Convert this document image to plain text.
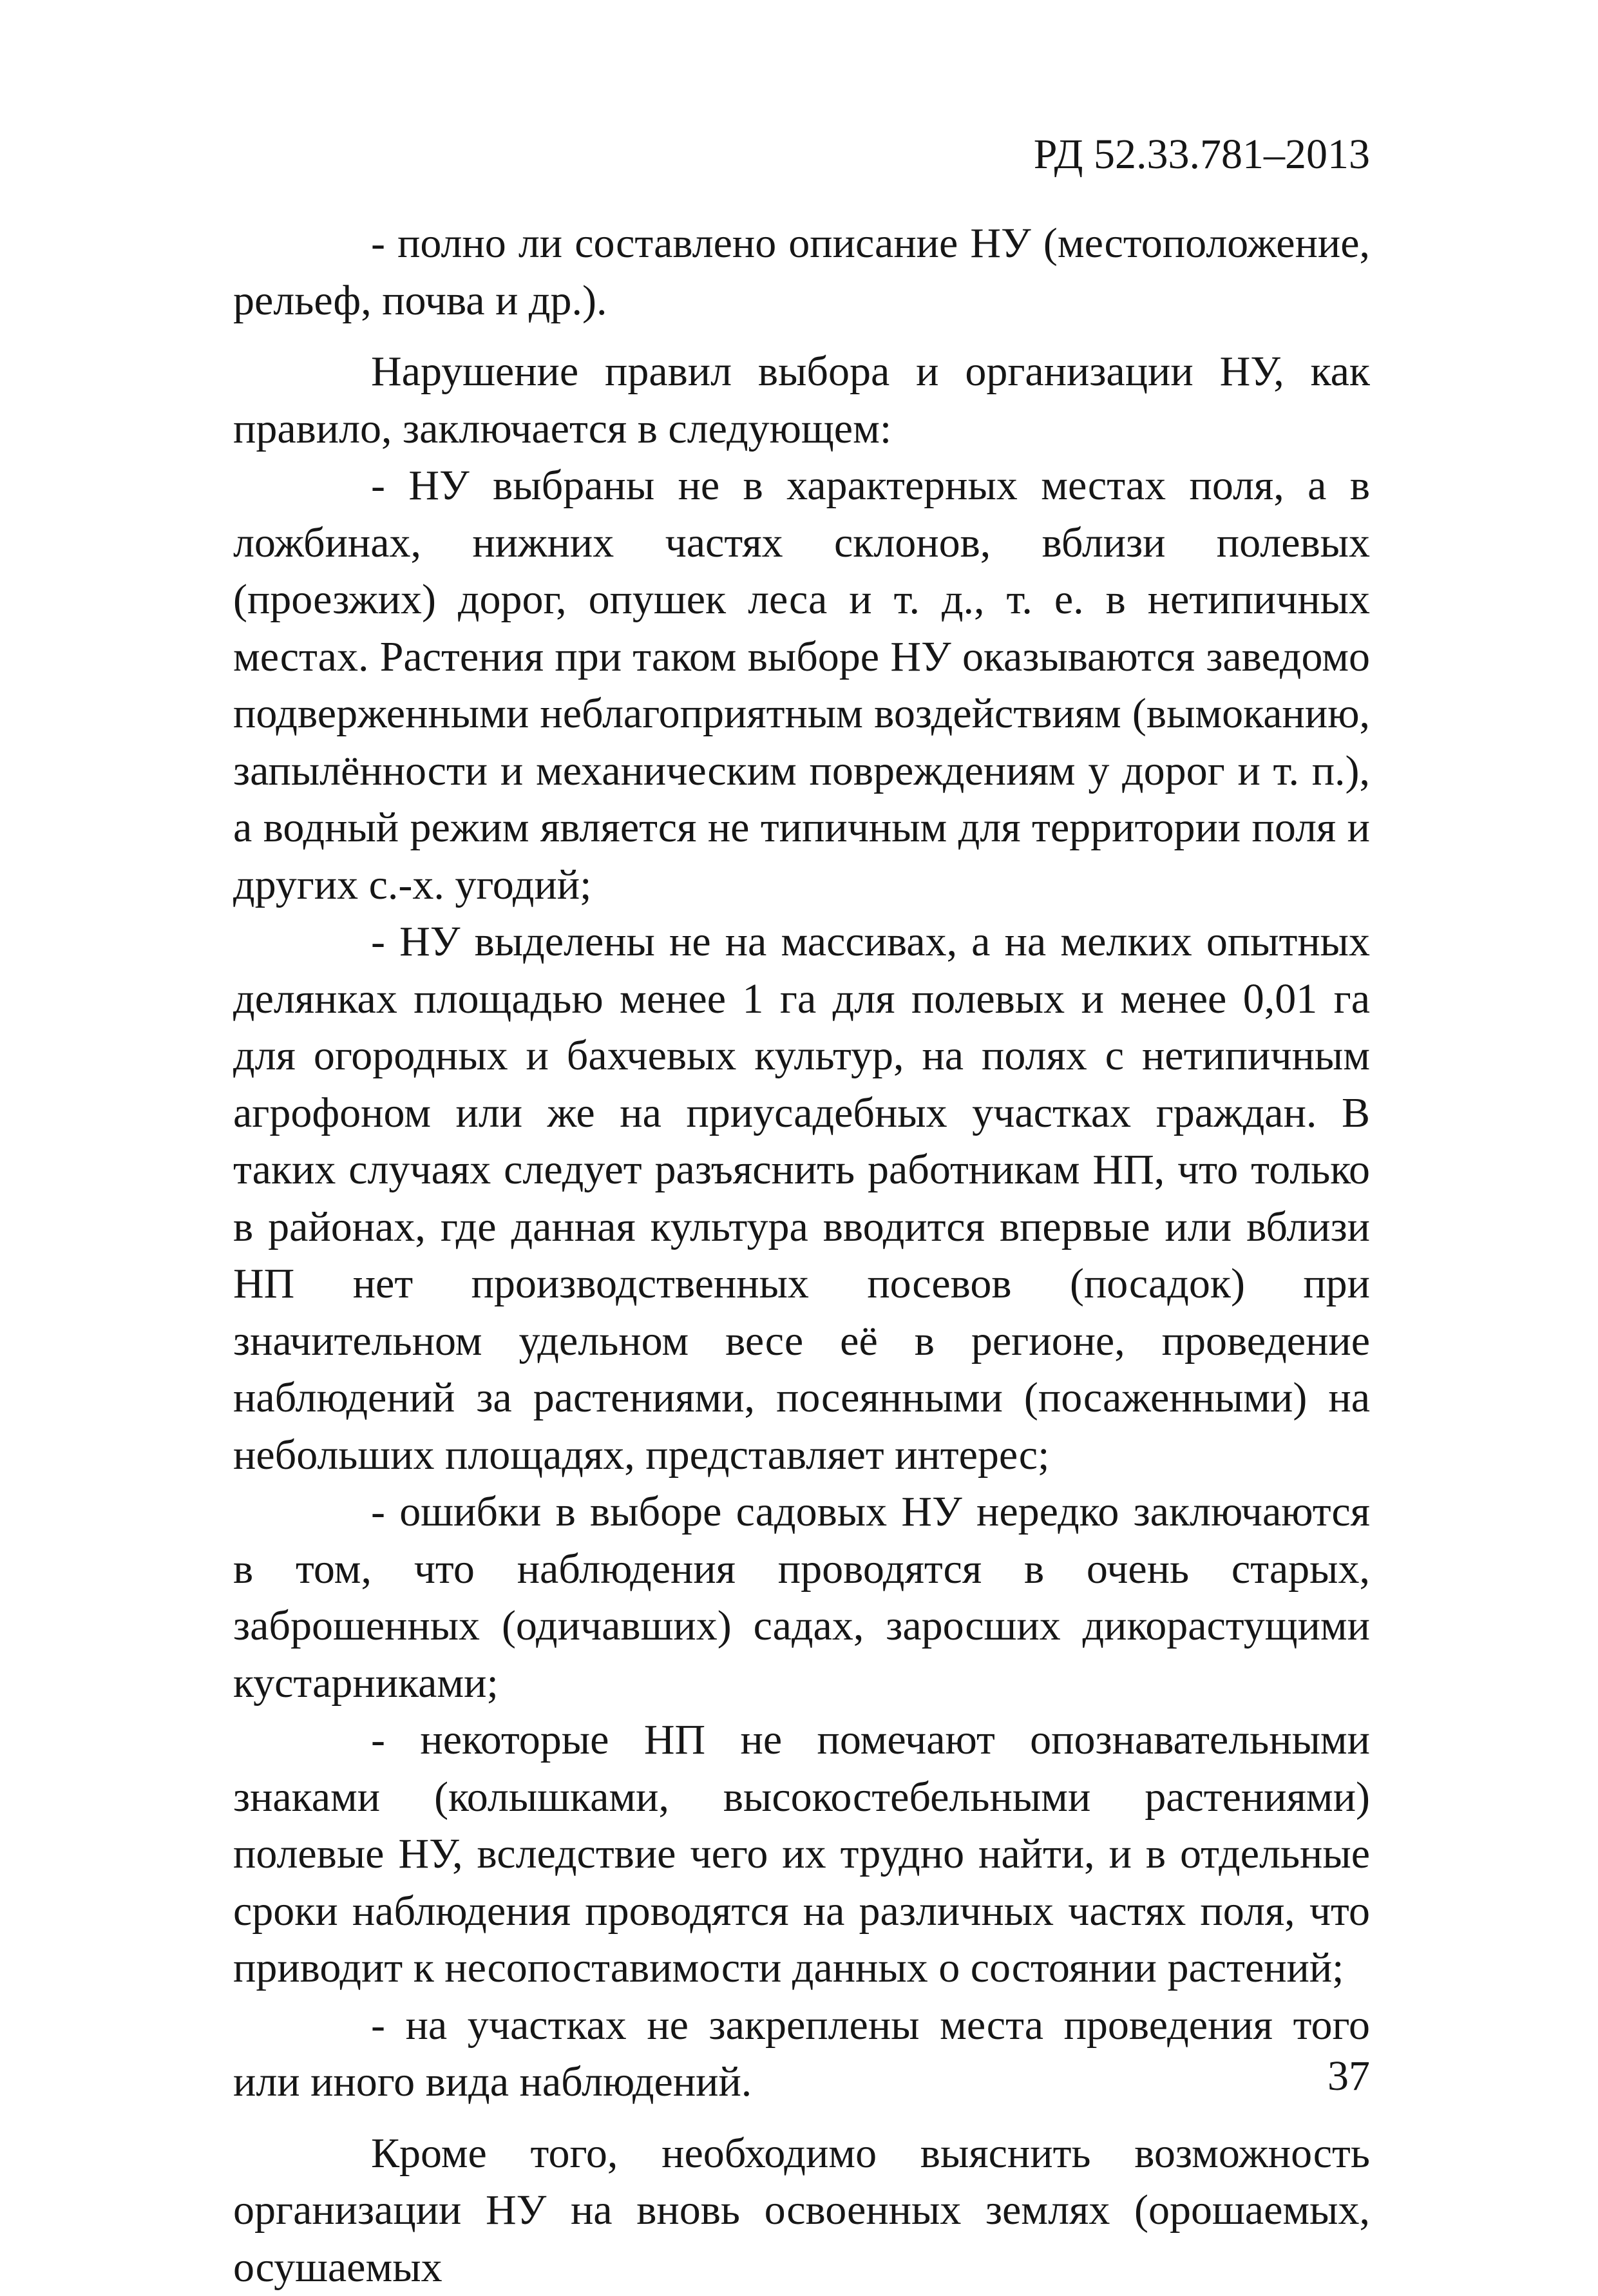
РД 52.33.781–2013

- полно ли составлено описание НУ (местоположение, рельеф, почва и др.).

Нарушение правил выбора и организации НУ, как правило, заключается в следующем:

- НУ выбраны не в характерных местах поля, а в ложбинах, нижних частях склонов, вблизи полевых (проезжих) дорог, опушек леса и т. д., т. е. в нетипичных местах. Растения при таком выборе НУ оказываются заведомо подверженными неблагоприятным воздействиям (вымоканию, запылённости и механическим повреждениям у дорог и т. п.), а водный режим является не типичным для территории поля и других с.-х. угодий;

- НУ выделены не на массивах, а на мелких опытных делянках площадью менее 1 га для полевых и менее 0,01 га для огородных и бахчевых культур, на полях с нетипичным агрофоном или же на приусадебных участках граждан. В таких случаях следует разъяснить работникам НП, что только в районах, где данная культура вводится впервые или вблизи НП нет производственных посевов (посадок) при значительном удельном весе её в регионе, проведение наблюдений за растениями, посеянными (посаженными) на небольших площадях, представляет интерес;

- ошибки в выборе садовых НУ нередко заключаются в том, что наблюдения проводятся в очень старых, заброшенных (одичавших) садах, заросших дикорастущими кустарниками;

- некоторые НП не помечают опознавательными знаками (колышками, высокостебельными растениями) полевые НУ, вследствие чего их трудно найти, и в отдельные сроки наблюдения проводятся на различных частях поля, что приводит к несопоставимости данных о состоянии растений;

- на участках не закреплены места проведения того или иного вида наблюдений.

Кроме того, необходимо выяснить возможность организации НУ на вновь освоенных землях (орошаемых, осушаемых

37
